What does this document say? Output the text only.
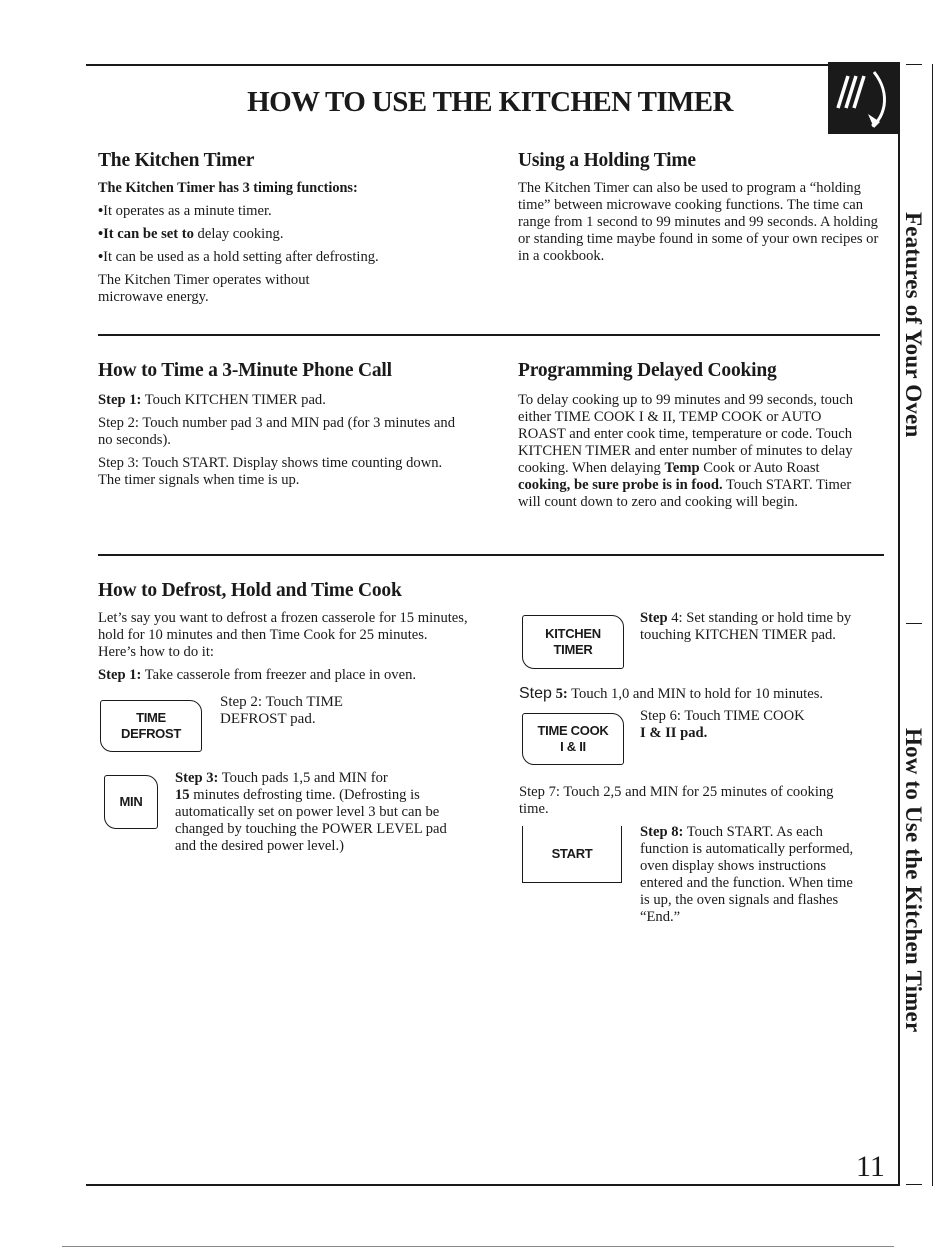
HOW TO USE THE KITCHEN TIMER
The Kitchen Timer

The Kitchen Timer has 3 timing functions:

•It operates as a minute timer.

•It can be set to delay cooking.

•It can be used as a hold setting after defrosting.

The Kitchen Timer operates without microwave energy.

Using a Holding Time

The Kitchen Timer can also be used to program a “holding time” between microwave cooking functions. The time can range from 1 second to 99 minutes and 99 seconds. A holding or standing time maybe found in some of your own recipes or in a cookbook.

How to Time a 3-Minute Phone Call

Step 1: Touch KITCHEN TIMER pad.

Step 2: Touch number pad 3 and MIN pad (for 3 minutes and no seconds).

Step 3: Touch START. Display shows time counting down. The timer signals when time is up.

Programming Delayed Cooking

To delay cooking up to 99 minutes and 99 seconds, touch either TIME COOK I & II, TEMP COOK or AUTO ROAST and enter cook time, temperature or code. Touch KITCHEN TIMER and enter number of minutes to delay cooking. When delaying Temp Cook or Auto Roast cooking, be sure probe is in food. Touch START. Timer will count down to zero and cooking will begin.

How to Defrost, Hold and Time Cook

Let’s say you want to defrost a frozen casserole for 15 minutes, hold for 10 minutes and then Time Cook for 25 minutes. Here’s how to do it:

Step 1: Take casserole from freezer and place in oven.

TIME
DEFROST
Step 2: Touch TIME DEFROST pad.
MIN
Step 3: Touch pads 1,5 and MIN for
15 minutes defrosting time. (Defrosting is automatically set on power level 3 but can be changed by touching the POWER LEVEL pad and the desired power level.)
KITCHEN
TIMER
Step 4: Set standing or hold time by touching KITCHEN TIMER pad.
Step 5: Touch 1,0 and MIN to hold for 10 minutes.
TIME COOK
I & II
Step 6: Touch TIME COOK
I & II pad.
Step 7: Touch 2,5 and MIN for 25 minutes of cooking time.
START
Step 8: Touch START. As each function is automatically performed, oven display shows instructions entered and the function. When time is up, the oven signals and flashes “End.”
Features of Your Oven
How to Use the Kitchen Timer
11
